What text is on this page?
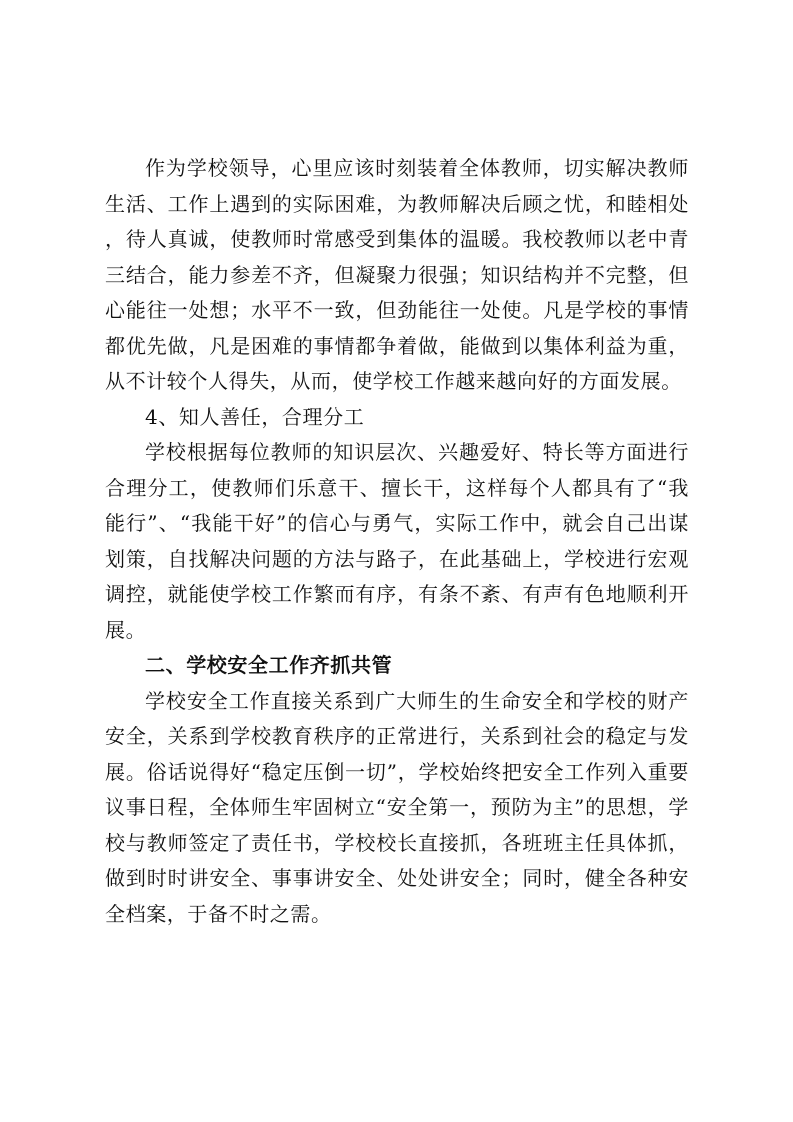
作为学校领导，心里应该时刻装着全体教师，切实解决教师生活、工作上遇到的实际困难，为教师解决后顾之忧，和睦相处，待人真诚，使教师时常感受到集体的温暖。我校教师以老中青三结合，能力参差不齐，但凝聚力很强；知识结构并不完整，但心能往一处想；水平不一致，但劲能往一处使。凡是学校的事情都优先做，凡是困难的事情都争着做，能做到以集体利益为重，从不计较个人得失，从而，使学校工作越来越向好的方面发展。

4、知人善任，合理分工

学校根据每位教师的知识层次、兴趣爱好、特长等方面进行合理分工，使教师们乐意干、擅长干，这样每个人都具有了“我能行”、“我能干好”的信心与勇气，实际工作中，就会自己出谋划策，自找解决问题的方法与路子，在此基础上，学校进行宏观调控，就能使学校工作繁而有序，有条不紊、有声有色地顺利开展。

二、学校安全工作齐抓共管

学校安全工作直接关系到广大师生的生命安全和学校的财产安全，关系到学校教育秩序的正常进行，关系到社会的稳定与发展。俗话说得好“稳定压倒一切”，学校始终把安全工作列入重要议事日程，全体师生牢固树立“安全第一，预防为主”的思想，学校与教师签定了责任书，学校校长直接抓，各班班主任具体抓，做到时时讲安全、事事讲安全、处处讲安全；同时，健全各种安全档案，于备不时之需。
